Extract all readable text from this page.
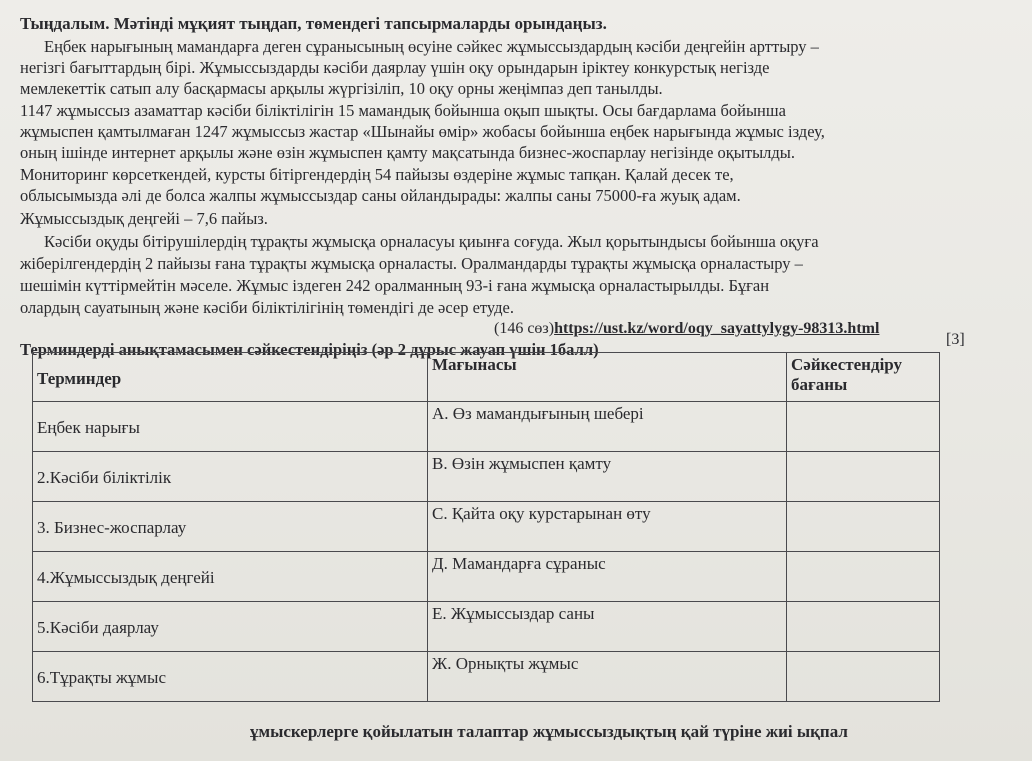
Тыңдалым. Мәтінді мұқият тыңдап, төмендегі тапсырмаларды орындаңыз.
Еңбек нарығының мамандарға деген сұранысының өсуіне сәйкес жұмыссыздардың кәсіби деңгейін арттыру –
негізгі бағыттардың бірі. Жұмыссыздарды кәсіби даярлау үшін оқу орындарын іріктеу конкурстық негізде
мемлекеттік сатып алу басқармасы арқылы жүргізіліп, 10 оқу орны жеңімпаз деп танылды.
1147 жұмыссыз азаматтар кәсіби біліктілігін 15 мамандық бойынша оқып шықты. Осы бағдарлама бойынша
жұмыспен қамтылмаған 1247 жұмыссыз жастар «Шынайы өмір» жобасы бойынша еңбек нарығында жұмыс іздеу,
оның ішінде интернет арқылы және өзін жұмыспен қамту мақсатында бизнес-жоспарлау негізінде оқытылды.
Мониторинг көрсеткендей, курсты бітіргендердің 54 пайызы өздеріне жұмыс тапқан. Қалай десек те,
облысымызда әлі де болса жалпы жұмыссыздар саны ойландырады: жалпы саны 75000-ға жуық адам.
Жұмыссыздық деңгейі – 7,6 пайыз.
Кәсіби оқуды бітірушілердің тұрақты жұмысқа орналасуы қиынға соғуда. Жыл қорытындысы бойынша оқуға
жіберілгендердің 2 пайызы ғана тұрақты жұмысқа орналасты. Оралмандарды тұрақты жұмысқа орналастыру –
шешімін күттірмейтін мәселе. Жұмыс іздеген 242 оралманның 93-і ғана жұмысқа орналастырылды. Бұған
олардың сауатының және кәсіби біліктілігінің төмендігі де әсер етуде.
(146 сөз)https://ust.kz/word/oqy_sayattylygy-98313.html
[3]
Терминдерді анықтамасымен сәйкестендіріңіз (әр 2 дұрыс жауап үшін 1балл)
Терминдер	Мағынасы	Сәйкестендіру бағаны

Еңбек нарығы	А. Өз мамандығының шебері	

2.Кәсіби біліктілік	В. Өзін жұмыспен қамту	

3. Бизнес-жоспарлау	С. Қайта оқу курстарынан өту	

4.Жұмыссыздық деңгейі	Д. Мамандарға сұраныс	

5.Кәсіби даярлау	Е. Жұмыссыздар саны	

6.Тұрақты жұмыс	Ж. Орнықты жұмыс	
ұмыскерлерге қойылатын талаптар жұмыссыздықтың қай түріне жиі ықпал
